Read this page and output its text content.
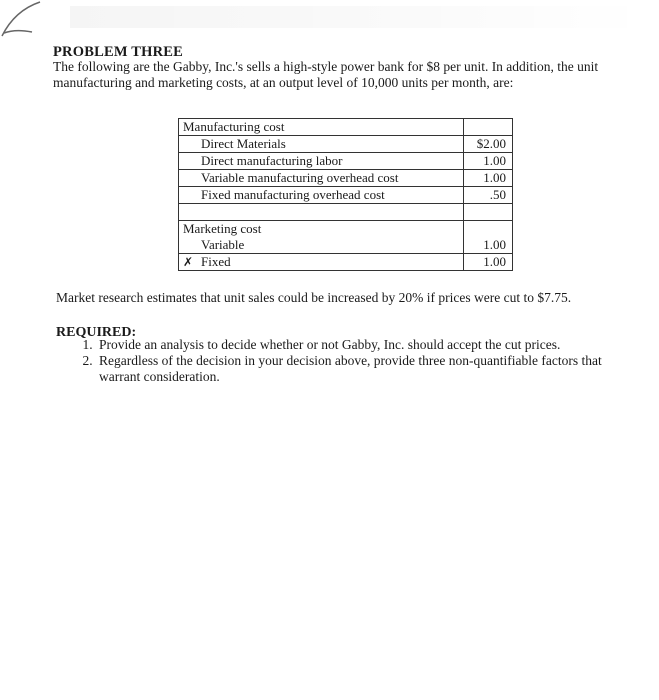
PROBLEM THREE
The following are the Gabby, Inc.'s sells a high-style power bank for $8 per unit. In addition, the unit manufacturing and marketing costs, at an output level of 10,000 units per month, are:
Manufacturing cost	
Direct Materials	$2.00
Direct manufacturing labor	1.00
Variable manufacturing overhead cost	1.00
Fixed manufacturing overhead cost	.50

Marketing cost	
Variable	1.00
✗ Fixed	1.00
Market research estimates that unit sales could be increased by 20% if prices were cut to $7.75.
REQUIRED:
1. Provide an analysis to decide whether or not Gabby, Inc. should accept the cut prices.
2. Regardless of the decision in your decision above, provide three non-quantifiable factors that warrant consideration.
